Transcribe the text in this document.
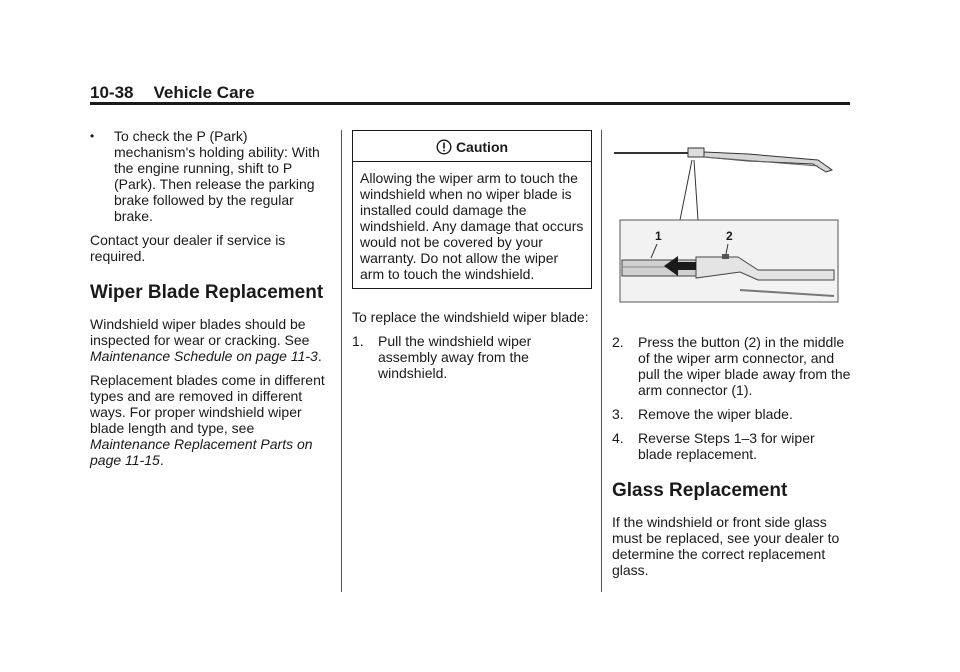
10-38 Vehicle Care
• To check the P (Park) mechanism's holding ability: With the engine running, shift to P (Park). Then release the parking brake followed by the regular brake.

Contact your dealer if service is required.

Wiper Blade Replacement

Windshield wiper blades should be inspected for wear or cracking. See Maintenance Schedule on page 11-3.

Replacement blades come in different types and are removed in different ways. For proper windshield wiper blade length and type, see Maintenance Replacement Parts on page 11-15.

Caution
Allowing the wiper arm to touch the windshield when no wiper blade is installed could damage the windshield. Any damage that occurs would not be covered by your warranty. Do not allow the wiper arm to touch the windshield.

To replace the windshield wiper blade:

1. Pull the windshield wiper assembly away from the windshield.
1	2
2. Press the button (2) in the middle of the wiper arm connector, and pull the wiper blade away from the arm connector (1).
3. Remove the wiper blade.
4. Reverse Steps 1–3 for wiper blade replacement.
Glass Replacement

If the windshield or front side glass must be replaced, see your dealer to determine the correct replacement glass.
